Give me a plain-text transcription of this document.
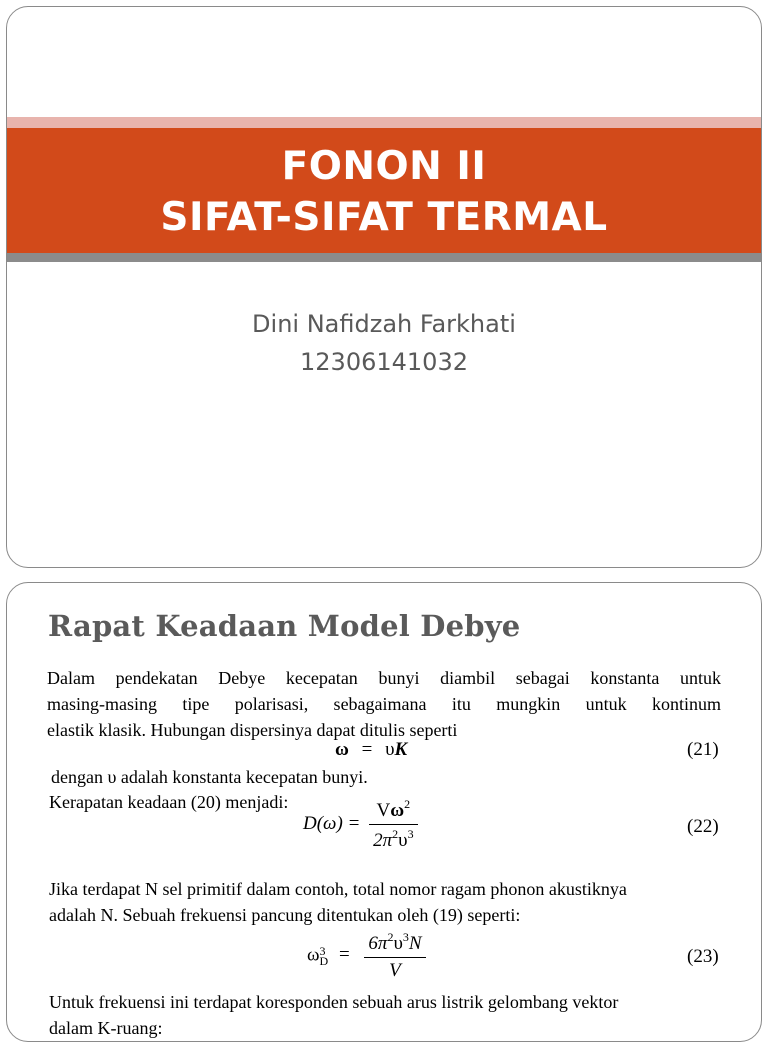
FONON II
SIFAT-SIFAT TERMAL
Dini Nafidzah Farkhati
12306141032
Rapat Keadaan Model Debye
Dalam pendekatan Debye kecepatan bunyi diambil sebagai konstanta untuk
masing-masing tipe polarisasi, sebagaimana itu mungkin untuk kontinum
elastik klasik. Hubungan dispersinya dapat ditulis seperti
ω = υK	(21)
dengan υ adalah konstanta kecepatan bunyi.
Kerapatan keadaan (20) menjadi:
$D(\omega) = \frac{V\omega^2}{2\pi^2\upsilon^3}$	(22)
Jika terdapat N sel primitif dalam contoh, total nomor ragam phonon akustiknya
adalah N. Sebuah frekuensi pancung ditentukan oleh (19) seperti:
ω 3
$D = \frac{6\pi^2\upsilon^3N}{V}$	(23)
Untuk frekuensi ini terdapat koresponden sebuah arus listrik gelombang vektor
dalam K-ruang:
